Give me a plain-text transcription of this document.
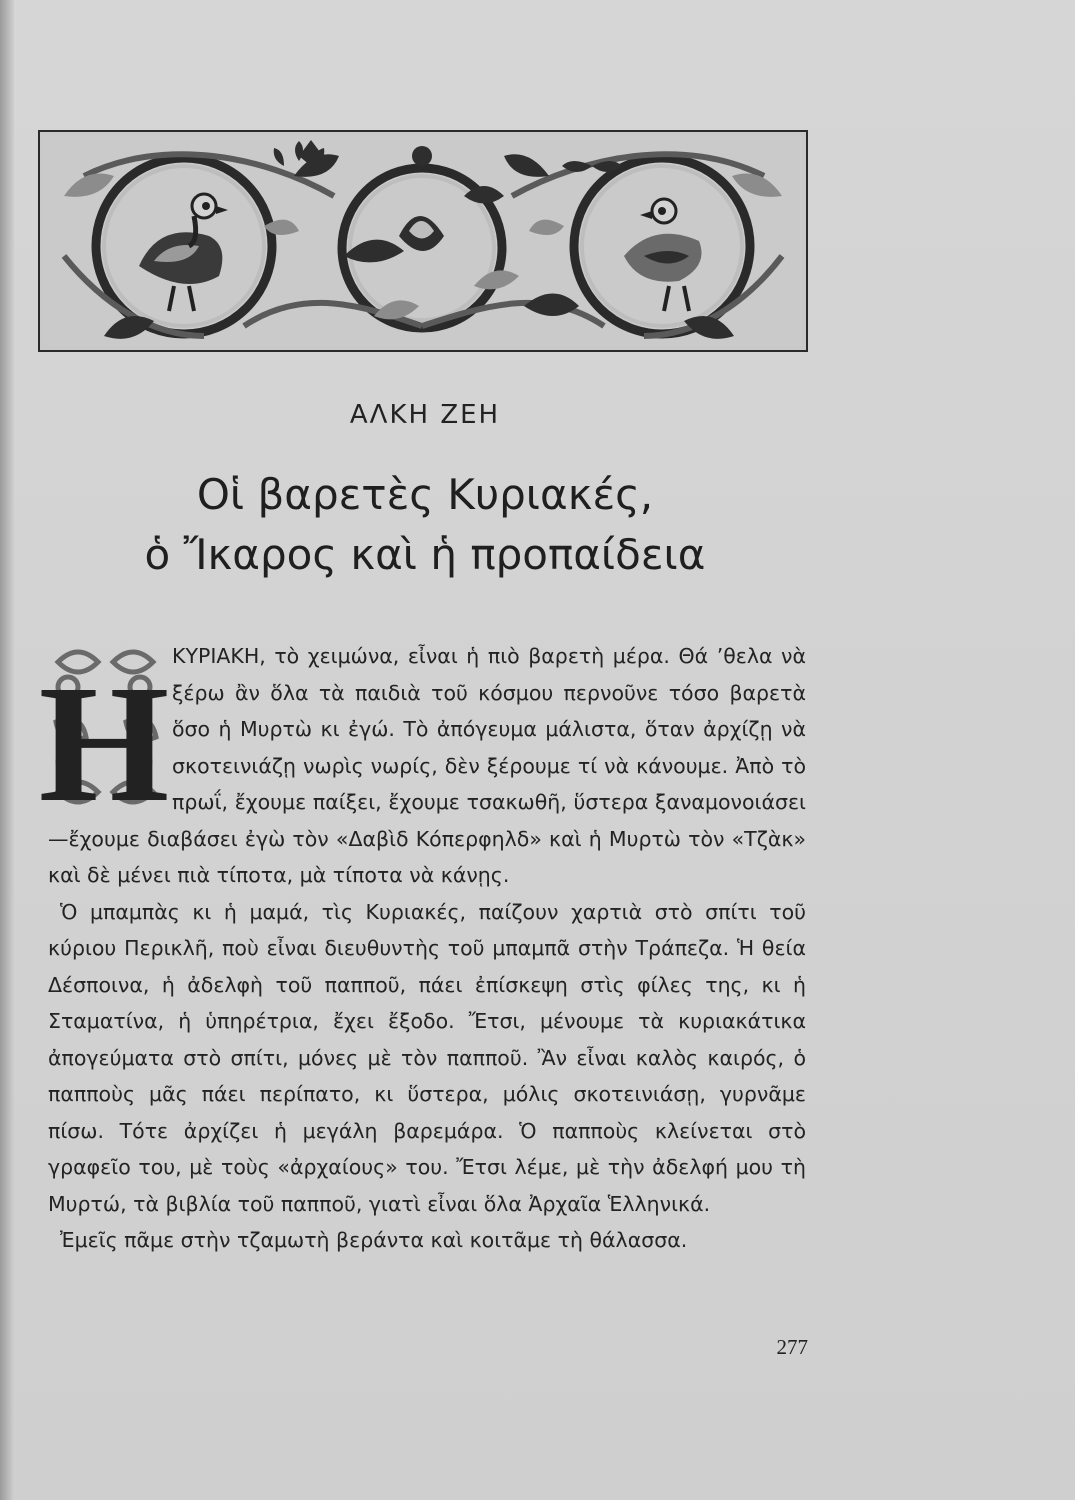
ΑΛΚΗ ΖΕΗ
Οἱ βαρετὲς Κυριακές,
ὁ Ἴκαρος καὶ ἡ προπαίδεια
Η ΚΥΡΙΑΚΗ, τὸ χειμώνα, εἶναι ἡ πιὸ βαρετὴ μέρα. Θά ’θελα νὰ ξέρω ἂν ὅλα τὰ παιδιὰ τοῦ κόσμου περνοῦνε τόσο βαρετὰ ὅσο ἡ Μυρτὼ κι ἐγώ. Τὸ ἀπόγευμα μάλιστα, ὅταν ἀρχίζῃ νὰ σκοτεινιάζῃ νωρὶς νωρίς, δὲν ξέρουμε τί νὰ κάνουμε. Ἀπὸ τὸ πρωΐ, ἔχουμε παίξει, ἔχουμε τσακωθῆ, ὕστερα ξαναμονοιάσει —ἔχουμε διαβάσει ἐγὼ τὸν «Δαβὶδ Κόπερφηλδ» καὶ ἡ Μυρτὼ τὸν «Τζὰκ» καὶ δὲ μένει πιὰ τίποτα, μὰ τίποτα νὰ κάνῃς.

Ὁ μπαμπὰς κι ἡ μαμά, τὶς Κυριακές, παίζουν χαρτιὰ στὸ σπίτι τοῦ κύριου Περικλῆ, ποὺ εἶναι διευθυντὴς τοῦ μπαμπᾶ στὴν Τράπεζα. Ἡ θεία Δέσποινα, ἡ ἀδελφὴ τοῦ παπποῦ, πάει ἐπίσκεψη στὶς φίλες της, κι ἡ Σταματίνα, ἡ ὑπηρέτρια, ἔχει ἔξοδο. Ἔτσι, μένουμε τὰ κυριακάτικα ἀπογεύματα στὸ σπίτι, μόνες μὲ τὸν παπποῦ. Ἂν εἶναι καλὸς καιρός, ὁ παπποὺς μᾶς πάει περίπατο, κι ὕστερα, μόλις σκοτεινιάσῃ, γυρνᾶμε πίσω. Τότε ἀρχίζει ἡ μεγάλη βαρεμάρα. Ὁ παπποὺς κλείνεται στὸ γραφεῖο του, μὲ τοὺς «ἀρχαίους» του. Ἔτσι λέμε, μὲ τὴν ἀδελφή μου τὴ Μυρτώ, τὰ βιβλία τοῦ παπποῦ, γιατὶ εἶναι ὅλα Ἀρχαῖα Ἑλληνικά.

Ἐμεῖς πᾶμε στὴν τζαμωτὴ βεράντα καὶ κοιτᾶμε τὴ θάλασσα.

277
